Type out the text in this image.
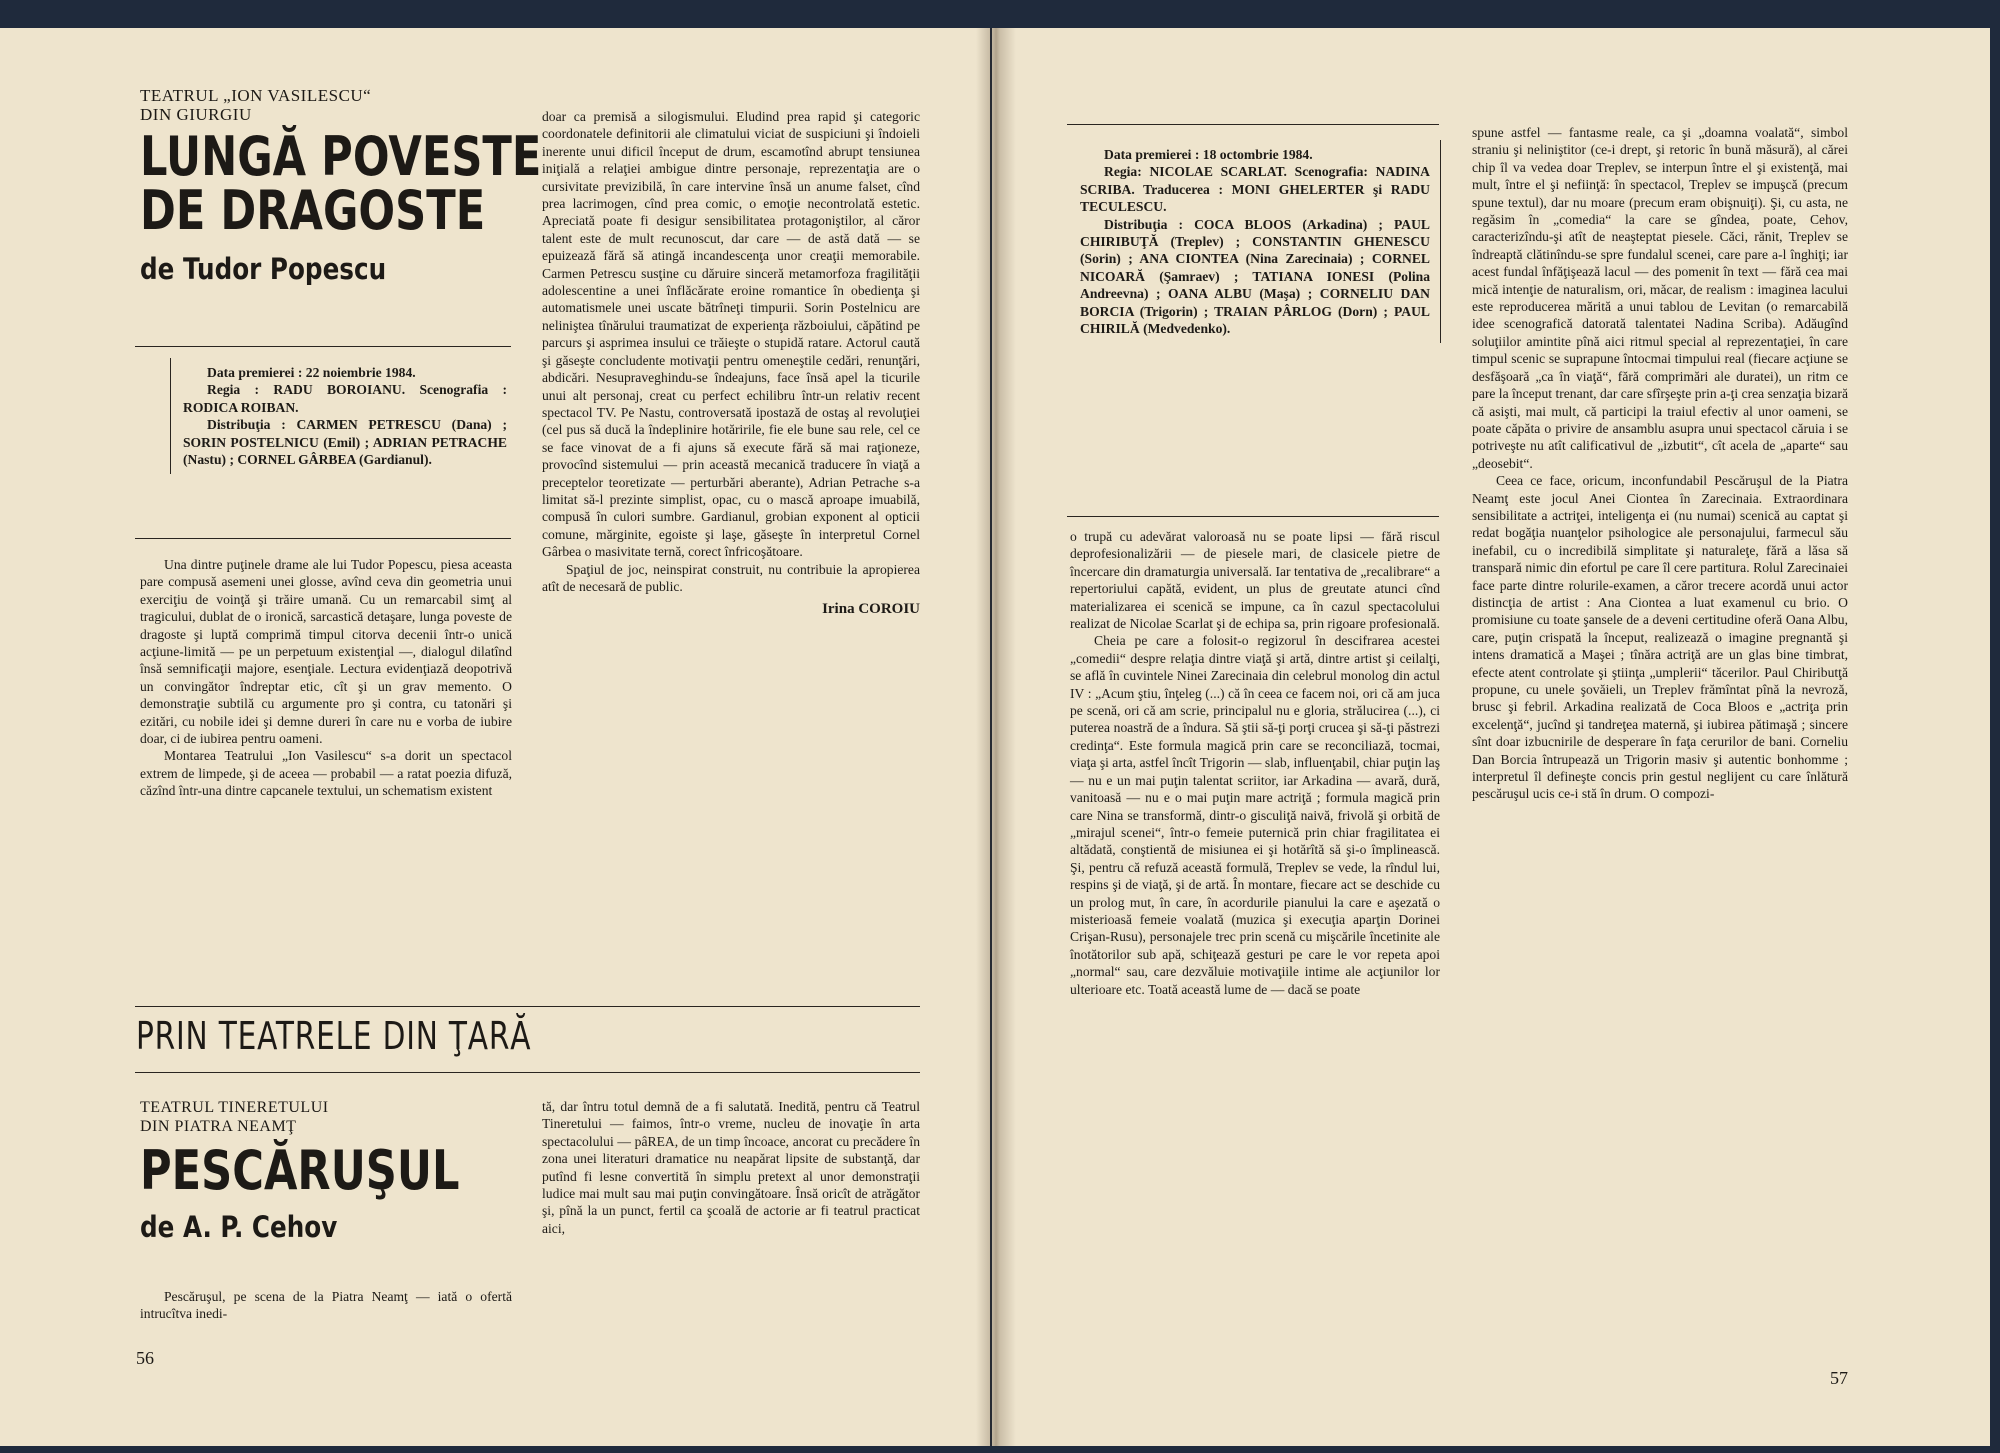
TEATRUL „ION VASILESCU“
DIN GIURGIU
LUNGĂ POVESTE
DE DRAGOSTE
de Tudor Popescu

Data premierei : 22 noiembrie 1984.

Regia : RADU BOROIANU. Scenografia : RODICA ROIBAN.

Distribuţia : CARMEN PETRESCU (Dana) ; SORIN POSTELNICU (Emil) ; ADRIAN PETRACHE (Nastu) ; CORNEL GÂRBEA (Gardianul).

Una dintre puţinele drame ale lui Tudor Popescu, piesa aceasta pare compusă asemeni unei glosse, avînd ceva din geometria unui exerciţiu de voinţă şi trăire umană. Cu un remarcabil simţ al tragicului, dublat de o ironică, sarcastică detaşare, lunga poveste de dragoste şi luptă comprimă timpul citorva decenii într-o unică acţiune-limită — pe un perpetuum existenţial —, dialogul dilatînd însă semnificaţii majore, esenţiale. Lectura evidenţiază deopotrivă un convingător îndreptar etic, cît şi un grav memento. O demonstraţie subtilă cu argumente pro şi contra, cu tatonări şi ezitări, cu nobile idei şi demne dureri în care nu e vorba de iubire doar, ci de iubirea pentru oameni.

Montarea Teatrului „Ion Vasilescu“ s-a dorit un spectacol extrem de limpede, şi de aceea — probabil — a ratat poezia difuză, căzînd într-una dintre capcanele textului, un schematism existent

doar ca premisă a silogismului. Eludind prea rapid şi categoric coordonatele definitorii ale climatului viciat de suspiciuni şi îndoieli inerente unui dificil început de drum, escamotînd abrupt tensiunea iniţială a relaţiei ambigue dintre personaje, reprezentaţia are o cursivitate previzibilă, în care intervine însă un anume falset, cînd prea lacrimogen, cînd prea comic, o emoţie necontrolată estetic. Apreciată poate fi desigur sensibilitatea protagoniştilor, al căror talent este de mult recunoscut, dar care — de astă dată — se epuizează fără să atingă incandescenţa unor creaţii memorabile. Carmen Petrescu susţine cu dăruire sinceră metamorfoza fragilităţii adolescentine a unei înflăcărate eroine romantice în obedienţa şi automatismele unei uscate bătrîneţi timpurii. Sorin Postelnicu are neliniştea tînărului traumatizat de experienţa războiului, căpătind pe parcurs şi asprimea insului ce trăieşte o stupidă ratare. Actorul caută şi găseşte concludente motivaţii pentru omeneştile cedări, renunţări, abdicări. Nesupraveghindu-se îndeajuns, face însă apel la ticurile unui alt personaj, creat cu perfect echilibru într-un relativ recent spectacol TV. Pe Nastu, controversată ipostază de ostaş al revoluţiei (cel pus să ducă la îndeplinire hotăririle, fie ele bune sau rele, cel ce se face vinovat de a fi ajuns să execute fără să mai raţioneze, provocînd sistemului — prin această mecanică traducere în viaţă a preceptelor teoretizate — perturbări aberante), Adrian Petrache s-a limitat să-l prezinte simplist, opac, cu o mască aproape imuabilă, compusă în culori sumbre. Gardianul, grobian exponent al opticii comune, mărginite, egoiste şi laşe, găseşte în interpretul Cornel Gârbea o masivitate ternă, corect înfricoşătoare.

Spaţiul de joc, neinspirat construit, nu contribuie la apropierea atît de necesară de public.

Irina COROIU
PRIN TEATRELE DIN ŢARĂ
TEATRUL TINERETULUI
DIN PIATRA NEAMŢ
PESCĂRUŞUL
de A. P. Cehov

Pescăruşul, pe scena de la Piatra Neamţ — iată o ofertă intrucîtva inedi-

tă, dar întru totul demnă de a fi salutată. Inedită, pentru că Teatrul Tineretului — faimos, într-o vreme, nucleu de inovaţie în arta spectacolului — pâREA, de un timp încoace, ancorat cu precădere în zona unei literaturi dramatice nu neapărat lipsite de substanţă, dar putînd fi lesne convertită în simplu pretext al unor demonstraţii ludice mai mult sau mai puţin convingătoare. Însă oricît de atrăgător şi, pînă la un punct, fertil ca şcoală de actorie ar fi teatrul practicat aici,

56

Data premierei : 18 octombrie 1984.

Regia: NICOLAE SCARLAT. Scenografia: NADINA SCRIBA. Traducerea : MONI GHELERTER şi RADU TECULESCU.

Distribuţia : COCA BLOOS (Arkadina) ; PAUL CHIRIBUŢĂ (Treplev) ; CONSTANTIN GHENESCU (Sorin) ; ANA CIONTEA (Nina Zarecinaia) ; CORNEL NICOARĂ (Şamraev) ; TATIANA IONESI (Polina Andreevna) ; OANA ALBU (Maşa) ; CORNELIU DAN BORCIA (Trigorin) ; TRAIAN PÂRLOG (Dorn) ; PAUL CHIRILĂ (Medvedenko).

o trupă cu adevărat valoroasă nu se poate lipsi — fără riscul deprofesionalizării — de piesele mari, de clasicele pietre de încercare din dramaturgia universală. Iar tentativa de „recalibrare“ a repertoriului capătă, evident, un plus de greutate atunci cînd materializarea ei scenică se impune, ca în cazul spectacolului realizat de Nicolae Scarlat şi de echipa sa, prin rigoare profesională.

Cheia pe care a folosit-o regizorul în descifrarea acestei „comedii“ despre relaţia dintre viaţă şi artă, dintre artist şi ceilalţi, se află în cuvintele Ninei Zarecinaia din celebrul monolog din actul IV : „Acum ştiu, înţeleg (...) că în ceea ce facem noi, ori că am juca pe scenă, ori că am scrie, principalul nu e gloria, strălucirea (...), ci puterea noastră de a îndura. Să ştii să-ţi porţi crucea şi să-ţi păstrezi credinţa“. Este formula magică prin care se reconciliază, tocmai, viaţa şi arta, astfel încît Trigorin — slab, influenţabil, chiar puţin laş — nu e un mai puţin talentat scriitor, iar Arkadina — avară, dură, vanitoasă — nu e o mai puţin mare actriţă ; formula magică prin care Nina se transformă, dintr-o gisculiţă naivă, frivolă şi orbită de „mirajul scenei“, într-o femeie puternică prin chiar fragilitatea ei altădată, conştientă de misiunea ei şi hotărîtă să şi-o împlinească. Şi, pentru că refuză această formulă, Treplev se vede, la rîndul lui, respins şi de viaţă, şi de artă. În montare, fiecare act se deschide cu un prolog mut, în care, în acordurile pianului la care e aşezată o misterioasă femeie voalată (muzica şi execuţia aparţin Dorinei Crişan-Rusu), personajele trec prin scenă cu mişcările încetinite ale înotătorilor sub apă, schiţează gesturi pe care le vor repeta apoi „normal“ sau, care dezvăluie motivaţiile intime ale acţiunilor lor ulterioare etc. Toată această lume de — dacă se poate

spune astfel — fantasme reale, ca şi „doamna voalată“, simbol straniu şi neliniştitor (ce-i drept, şi retoric în bună măsură), al cărei chip îl va vedea doar Treplev, se interpun între el şi existenţă, mai mult, între el şi nefiinţă: în spectacol, Treplev se impuşcă (precum spune textul), dar nu moare (precum eram obişnuiţi). Şi, cu asta, ne regăsim în „comedia“ la care se gîndea, poate, Cehov, caracterizîndu-şi atît de neaşteptat piesele. Căci, rănit, Treplev se îndreaptă clătinîndu-se spre fundalul scenei, care pare a-l înghiţi; iar acest fundal înfăţişează lacul — des pomenit în text — fără cea mai mică intenţie de naturalism, ori, măcar, de realism : imaginea lacului este reproducerea mărită a unui tablou de Levitan (o remarcabilă idee scenografică datorată talentatei Nadina Scriba). Adăugînd soluţiilor amintite pînă aici ritmul special al reprezentaţiei, în care timpul scenic se suprapune întocmai timpului real (fiecare acţiune se desfăşoară „ca în viaţă“, fără comprimări ale duratei), un ritm ce pare la început trenant, dar care sfîrşeşte prin a-ţi crea senzaţia bizară că asişti, mai mult, că participi la traiul efectiv al unor oameni, se poate căpăta o privire de ansamblu asupra unui spectacol căruia i se potriveşte nu atît calificativul de „izbutit“, cît acela de „aparte“ sau „deosebit“.

Ceea ce face, oricum, inconfundabil Pescăruşul de la Piatra Neamţ este jocul Anei Ciontea în Zarecinaia. Extraordinara sensibilitate a actriţei, inteligenţa ei (nu numai) scenică au captat şi redat bogăţia nuanţelor psihologice ale personajului, farmecul său inefabil, cu o incredibilă simplitate şi naturaleţe, fără a lăsa să transpară nimic din efortul pe care îl cere partitura. Rolul Zarecinaiei face parte dintre rolurile-examen, a căror trecere acordă unui actor distincţia de artist : Ana Ciontea a luat examenul cu brio. O promisiune cu toate şansele de a deveni certitudine oferă Oana Albu, care, puţin crispată la început, realizează o imagine pregnantă şi intens dramatică a Maşei ; tînăra actriţă are un glas bine timbrat, efecte atent controlate şi ştiinţa „umplerii“ tăcerilor. Paul Chiributţă propune, cu unele şovăieli, un Treplev frămîntat pînă la nevroză, brusc şi febril. Arkadina realizată de Coca Bloos e „actriţa prin excelenţă“, jucînd şi tandreţea maternă, şi iubirea pătimaşă ; sincere sînt doar izbucnirile de desperare în faţa cerurilor de bani. Corneliu Dan Borcia întrupează un Trigorin masiv şi autentic bonhomme ; interpretul îl defineşte concis prin gestul neglijent cu care înlătură pescăruşul ucis ce-i stă în drum. O compozi-

57
